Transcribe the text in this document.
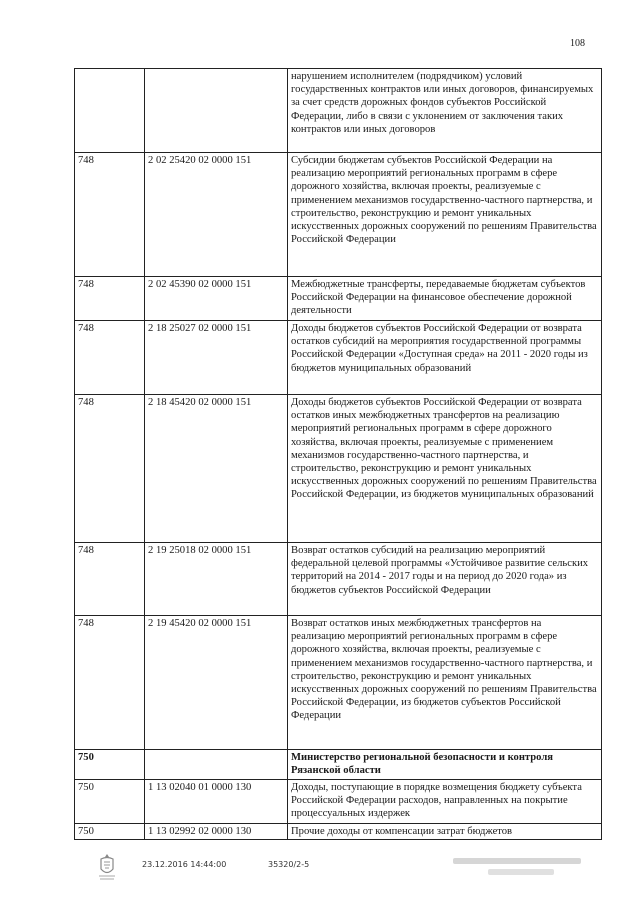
108
		нарушением исполнителем (подрядчиком) условий государственных контрактов или иных договоров, финансируемых за счет средств дорожных фондов субъектов Российской Федерации, либо в связи с уклонением от заключения таких контрактов или иных договоров
748	2 02 25420 02 0000 151	Субсидии бюджетам субъектов Российской Федерации на реализацию мероприятий региональных программ в сфере дорожного хозяйства, включая проекты, реализуемые с применением механизмов государственно-частного партнерства, и строительство, реконструкцию и ремонт уникальных искусственных дорожных сооружений по решениям Правительства Российской Федерации
748	2 02 45390 02 0000 151	Межбюджетные трансферты, передаваемые бюджетам субъектов Российской Федерации на финансовое обеспечение дорожной деятельности
748	2 18 25027 02 0000 151	Доходы бюджетов субъектов Российской Федерации от возврата остатков субсидий на мероприятия государственной программы Российской Федерации «Доступная среда» на 2011 - 2020 годы из бюджетов муниципальных образований
748	2 18 45420 02 0000 151	Доходы бюджетов субъектов Российской Федерации от возврата остатков иных межбюджетных трансфертов на реализацию мероприятий региональных программ в сфере дорожного хозяйства, включая проекты, реализуемые с применением механизмов государственно-частного партнерства, и строительство, реконструкцию и ремонт уникальных искусственных дорожных сооружений по решениям Правительства Российской Федерации, из бюджетов муниципальных образований
748	2 19 25018 02 0000 151	Возврат остатков субсидий на реализацию мероприятий федеральной целевой программы «Устойчивое развитие сельских территорий на 2014 - 2017 годы и на период до 2020 года» из бюджетов субъектов Российской Федерации
748	2 19 45420 02 0000 151	Возврат остатков иных межбюджетных трансфертов на реализацию мероприятий региональных программ в сфере дорожного хозяйства, включая проекты, реализуемые с применением механизмов государственно-частного партнерства, и строительство, реконструкцию и ремонт уникальных искусственных дорожных сооружений по решениям Правительства Российской Федерации, из бюджетов субъектов Российской Федерации
750		Министерство региональной безопасности и контроля Рязанской области
750	1 13 02040 01 0000 130	Доходы, поступающие в порядке возмещения бюджету субъекта Российской Федерации расходов, направленных на покрытие процессуальных издержек
750	1 13 02992 02 0000 130	Прочие доходы от компенсации затрат бюджетов
23.12.2016 14:44:00	35320/2-5
